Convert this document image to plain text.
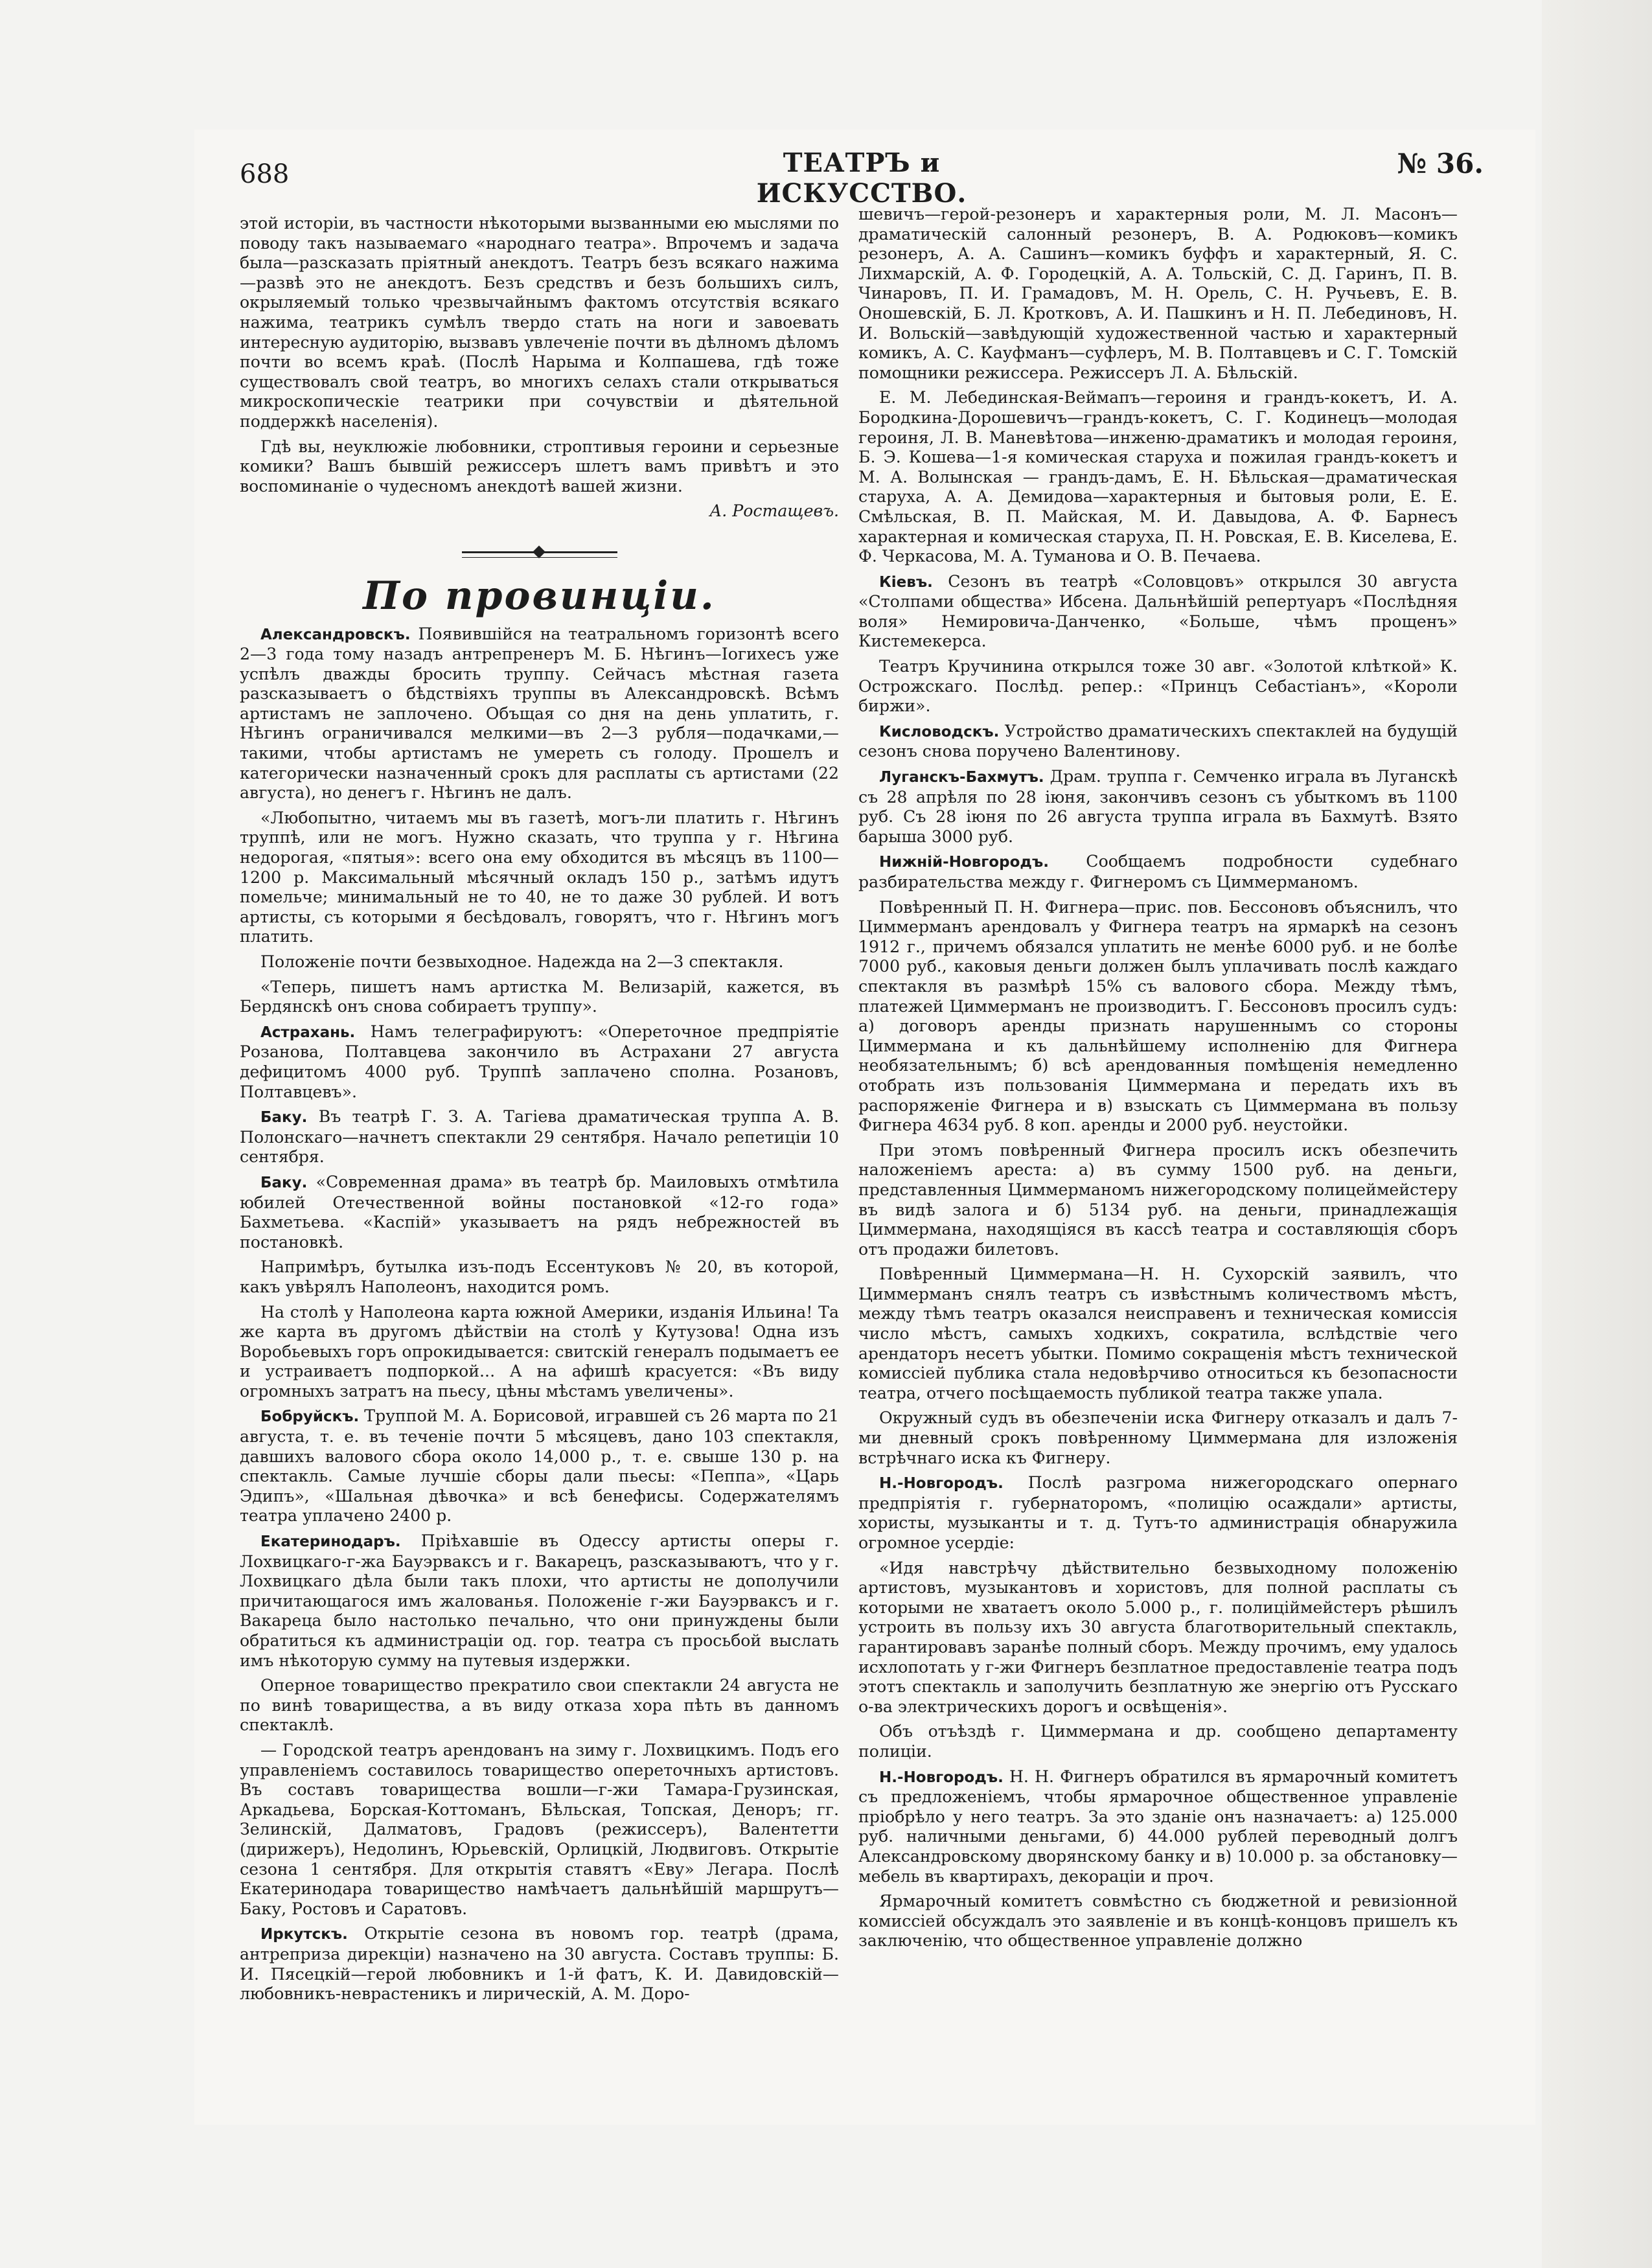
688	ТЕАТРЪ и ИСКУССТВО.
№ 36.

этой исторiи, въ частности нѣкоторыми вызванными ею мыслями по поводу такъ называемаго «народнаго театра». Впрочемъ и задача была—разсказать прiятный анекдотъ. Театръ безъ всякаго нажима—развѣ это не анекдотъ. Безъ средствъ и безъ большихъ силъ, окрыляемый только чрезвычайнымъ фактомъ отсутствiя всякаго нажима, театрикъ сумѣлъ твердо стать на ноги и завоевать интересную аудиторiю, вызвавъ увлеченiе почти въ дѣлномъ дѣломъ почти во всемъ краѣ. (Послѣ Нарыма и Колпашева, гдѣ тоже существовалъ свой театръ, во многихъ селахъ стали открываться микроскопическiе театрики при сочувствiи и дѣятельной поддержкѣ населенiя).

Гдѣ вы, неуклюжiе любовники, строптивыя героини и серьезные комики? Вашъ бывшiй режиссеръ шлетъ вамъ привѣтъ и это воспоминанiе о чудесномъ анекдотѣ вашей жизни.

А. Ростащевъ.

По провинцiи.

Александровскъ. Появившiйся на театральномъ горизонтѣ всего 2—3 года тому назадъ антрепренеръ М. Б. Нѣгинъ—Iогихесъ уже успѣлъ дважды бросить труппу. Сейчасъ мѣстная газета разсказываетъ о бѣдствiяхъ труппы въ Александровскѣ. Всѣмъ артистамъ не заплочено. Объщая со дня на день уплатить, г. Нѣгинъ ограничивался мелкими—въ 2—3 рубля—подачками,— такими, чтобы артистамъ не умереть съ голоду. Прошелъ и категорически назначенный срокъ для расплаты съ артистами (22 августа), но денегъ г. Нѣгинъ не далъ.

«Любопытно, читаемъ мы въ газетѣ, могъ-ли платить г. Нѣгинъ труппѣ, или не могъ. Нужно сказать, что труппа у г. Нѣгина недорогая, «пятыя»: всего она ему обходится въ мѣсяцъ въ 1100—1200 р. Максимальный мѣсячный окладъ 150 р., затѣмъ идутъ помельче; минимальный не то 40, не то даже 30 рублей. И вотъ артисты, съ которыми я бесѣдовалъ, говорятъ, что г. Нѣгинъ могъ платить.

Положенiе почти безвыходное. Надежда на 2—3 спектакля.

«Теперь, пишетъ намъ артистка М. Велизарiй, кажется, въ Бердянскѣ онъ снова собираетъ труппу».

Астрахань. Намъ телеграфируютъ: «Опереточное предпрiятiе Розанова, Полтавцева закончило въ Астрахани 27 августа дефицитомъ 4000 руб. Труппѣ заплачено сполна. Розановъ, Полтавцевъ».

Баку. Въ театрѣ Г. З. А. Тагiева драматическая труппа А. В. Полонскаго—начнетъ спектакли 29 сентября. Начало репетицiи 10 сентября.

Баку. «Современная драма» въ театрѣ бр. Маиловыхъ отмѣтила юбилей Отечественной войны постановкой «12-го года» Бахметьева. «Каспiй» указываетъ на рядъ небрежностей въ постановкѣ.

Напримѣръ, бутылка изъ-подъ Ессентуковъ № 20, въ которой, какъ увѣрялъ Наполеонъ, находится ромъ.

На столѣ у Наполеона карта южной Америки, изданiя Ильина! Та же карта въ другомъ дѣйствiи на столѣ у Кутузова! Одна изъ Воробьевыхъ горъ опрокидывается: свитскiй генералъ подымаетъ ее и устраиваетъ подпоркой... А на афишѣ красуется: «Въ виду огромныхъ затратъ на пьесу, цѣны мѣстамъ увеличены».

Бобруйскъ. Труппой М. А. Борисовой, игравшей съ 26 марта по 21 августа, т. е. въ теченiе почти 5 мѣсяцевъ, дано 103 спектакля, давшихъ валового сбора около 14,000 р., т. е. свыше 130 р. на спектакль. Самые лучшiе сборы дали пьесы: «Пеппа», «Царь Эдипъ», «Шальная дѣвочка» и всѣ бенефисы. Содержателямъ театра уплачено 2400 р.

Екатеринодаръ. Прiѣхавшiе въ Одессу артисты оперы г. Лохвицкаго-г-жа Бауэрваксъ и г. Вакарецъ, разсказываютъ, что у г. Лохвицкаго дѣла были такъ плохи, что артисты не дополучили причитающагося имъ жалованья. Положенiе г-жи Бауэрваксъ и г. Вакареца было настолько печально, что они принуждены были обратиться къ администрацiи од. гор. театра съ просьбой выслать имъ нѣкоторую сумму на путевыя издержки.

Оперное товарищество прекратило свои спектакли 24 августа не по винѣ товарищества, а въ виду отказа хора пѣть въ данномъ спектаклѣ.

— Городской театръ арендованъ на зиму г. Лохвицкимъ. Подъ его управленiемъ составилось товарищество опереточныхъ артистовъ. Въ составъ товарищества вошли—г-жи Тамара-Грузинская, Аркадьева, Борская-Коттоманъ, Бѣльская, Топская, Деноръ; гг. Зелинскiй, Далматовъ, Градовъ (режиссеръ), Валентетти (дирижеръ), Недолинъ, Юрьевскiй, Орлицкiй, Людвиговъ. Открытiе сезона 1 сентября. Для открытiя ставятъ «Еву» Легара. Послѣ Екатеринодара товарищество намѣчаетъ дальнѣйшiй маршрутъ—Баку, Ростовъ и Саратовъ.

Иркутскъ. Открытiе сезона въ новомъ гор. театрѣ (драма, антреприза дирекцiи) назначено на 30 августа. Составъ труппы: Б. И. Пясецкiй—герой любовникъ и 1-й фатъ, К. И. Давидовскiй—любовникъ-неврастеникъ и лирическiй, А. М. Доро-

шевичъ—герой-резонеръ и характерныя роли, М. Л. Масонъ—драматическiй салонный резонеръ, В. А. Родюковъ—комикъ резонеръ, А. А. Сашинъ—комикъ буффъ и характерный, Я. С. Лихмарскiй, А. Ф. Городецкiй, А. А. Тольскiй, С. Д. Гаринъ, П. В. Чинаровъ, П. И. Грамадовъ, М. Н. Орель, С. Н. Ручьевъ, Е. В. Оношевскiй, Б. Л. Кротковъ, А. И. Пашкинъ и Н. П. Лебединовъ, Н. И. Вольскiй—завѣдующiй художественной частью и характерный комикъ, А. С. Кауфманъ—суфлеръ, М. В. Полтавцевъ и С. Г. Томскiй помощники режиссера. Режиссеръ Л. А. Бѣльскiй.

Е. М. Лебединская-Веймапъ—героиня и грандъ-кокетъ, И. А. Бородкина-Дорошевичъ—грандъ-кокетъ, С. Г. Кодинецъ—молодая героиня, Л. В. Маневѣтова—инженю-драматикъ и молодая героиня, Б. Э. Кошева—1-я комическая старуха и пожилая грандъ-кокетъ и М. А. Волынская — грандъ-дамъ, Е. Н. Бѣльская—драматическая старуха, А. А. Демидова—характерныя и бытовыя роли, Е. Е. Смѣльская, В. П. Майская, М. И. Давыдова, А. Ф. Барнесъ характерная и комическая старуха, П. Н. Ровская, Е. В. Киселева, Е. Ф. Черкасова, М. А. Туманова и О. В. Печаева.

Кiевъ. Сезонъ въ театрѣ «Соловцовъ» открылся 30 августа «Столпами общества» Ибсена. Дальнѣйшiй репертуаръ «Послѣдняя воля» Немировича-Данченко, «Больше, чѣмъ прощенъ» Кистемекерса.

Театръ Кручинина открылся тоже 30 авг. «Золотой клѣткой» К. Острожскаго. Послѣд. репер.: «Принцъ Себастiанъ», «Короли биржи».

Кисловодскъ. Устройство драматическихъ спектаклей на будущiй сезонъ снова поручено Валентинову.

Луганскъ-Бахмутъ. Драм. труппа г. Семченко играла въ Луганскѣ съ 28 апрѣля по 28 iюня, закончивъ сезонъ съ убыткомъ въ 1100 руб. Съ 28 iюня по 26 августа труппа играла въ Бахмутѣ. Взято барыша 3000 руб.

Нижнiй-Новгородъ. Сообщаемъ подробности судебнаго разбирательства между г. Фигнеромъ съ Циммерманомъ.

Повѣренный П. Н. Фигнера—прис. пов. Бессоновъ объяснилъ, что Циммерманъ арендовалъ у Фигнера театръ на ярмаркѣ на сезонъ 1912 г., причемъ обязался уплатить не менѣе 6000 руб. и не болѣе 7000 руб., каковыя деньги должен былъ уплачивать послѣ каждаго спектакля въ размѣрѣ 15% съ валового сбора. Между тѣмъ, платежей Циммерманъ не производитъ. Г. Бессоновъ просилъ судъ: а) договоръ аренды признать нарушеннымъ со стороны Циммермана и къ дальнѣйшему исполненiю для Фигнера необязательнымъ; б) всѣ арендованныя помѣщенiя немедленно отобрать изъ пользованiя Циммермана и передать ихъ въ распоряженiе Фигнера и в) взыскать съ Циммермана въ пользу Фигнера 4634 руб. 8 коп. аренды и 2000 руб. неустойки.

При этомъ повѣренный Фигнера просилъ искъ обезпечить наложенiемъ ареста: а) въ сумму 1500 руб. на деньги, представленныя Циммерманомъ нижегородскому полицеймейстеру въ видѣ залога и б) 5134 руб. на деньги, принадлежащiя Циммермана, находящiяся въ кассѣ театра и составляющiя сборъ отъ продажи билетовъ.

Повѣренный Циммермана—Н. Н. Сухорскiй заявилъ, что Циммерманъ снялъ театръ съ извѣстнымъ количествомъ мѣстъ, между тѣмъ театръ оказался неисправенъ и техническая комиссiя число мѣстъ, самыхъ ходкихъ, сократила, вслѣдствiе чего арендаторъ несетъ убытки. Помимо сокращенiя мѣстъ технической комиссiей публика стала недовѣрчиво относиться къ безопасности театра, отчего посѣщаемость публикой театра также упала.

Окружный судъ въ обезпеченiи иска Фигнеру отказалъ и далъ 7-ми дневный срокъ повѣренному Циммермана для изложенiя встрѣчнаго иска къ Фигнеру.

Н.-Новгородъ. Послѣ разгрома нижегородскаго опернаго предпрiятiя г. губернаторомъ, «полицiю осаждали» артисты, хористы, музыканты и т. д. Тутъ-то администрацiя обнаружила огромное усердiе:

«Идя навстрѣчу дѣйствительно безвыходному положенiю артистовъ, музыкантовъ и хористовъ, для полной расплаты съ которыми не хватаетъ около 5.000 р., г. полицiймейстеръ рѣшилъ устроить въ пользу ихъ 30 августа благотворительный спектакль, гарантировавъ заранѣе полный сборъ. Между прочимъ, ему удалось исхлопотать у г-жи Фигнеръ безплатное предоставленiе театра подъ этотъ спектакль и заполучить безплатную же энергiю отъ Русскаго о-ва электрическихъ дорогъ и освѣщенiя».

Объ отъѣздѣ г. Циммермана и др. сообщено департаменту полицiи.

Н.-Новгородъ. Н. Н. Фигнеръ обратился въ ярмарочный комитетъ съ предложенiемъ, чтобы ярмарочное общественное управленiе прiобрѣло у него театръ. За это зданiе онъ назначаетъ: а) 125.000 руб. наличными деньгами, б) 44.000 рублей переводный долгъ Александровскому дворянскому банку и в) 10.000 р. за обстановку—мебель въ квартирахъ, декорацiи и проч.

Ярмарочный комитетъ совмѣстно съ бюджетной и ревизiонной комиссiей обсуждалъ это заявленiе и въ концѣ-концовъ пришелъ къ заключенiю, что общественное управленiе должно
